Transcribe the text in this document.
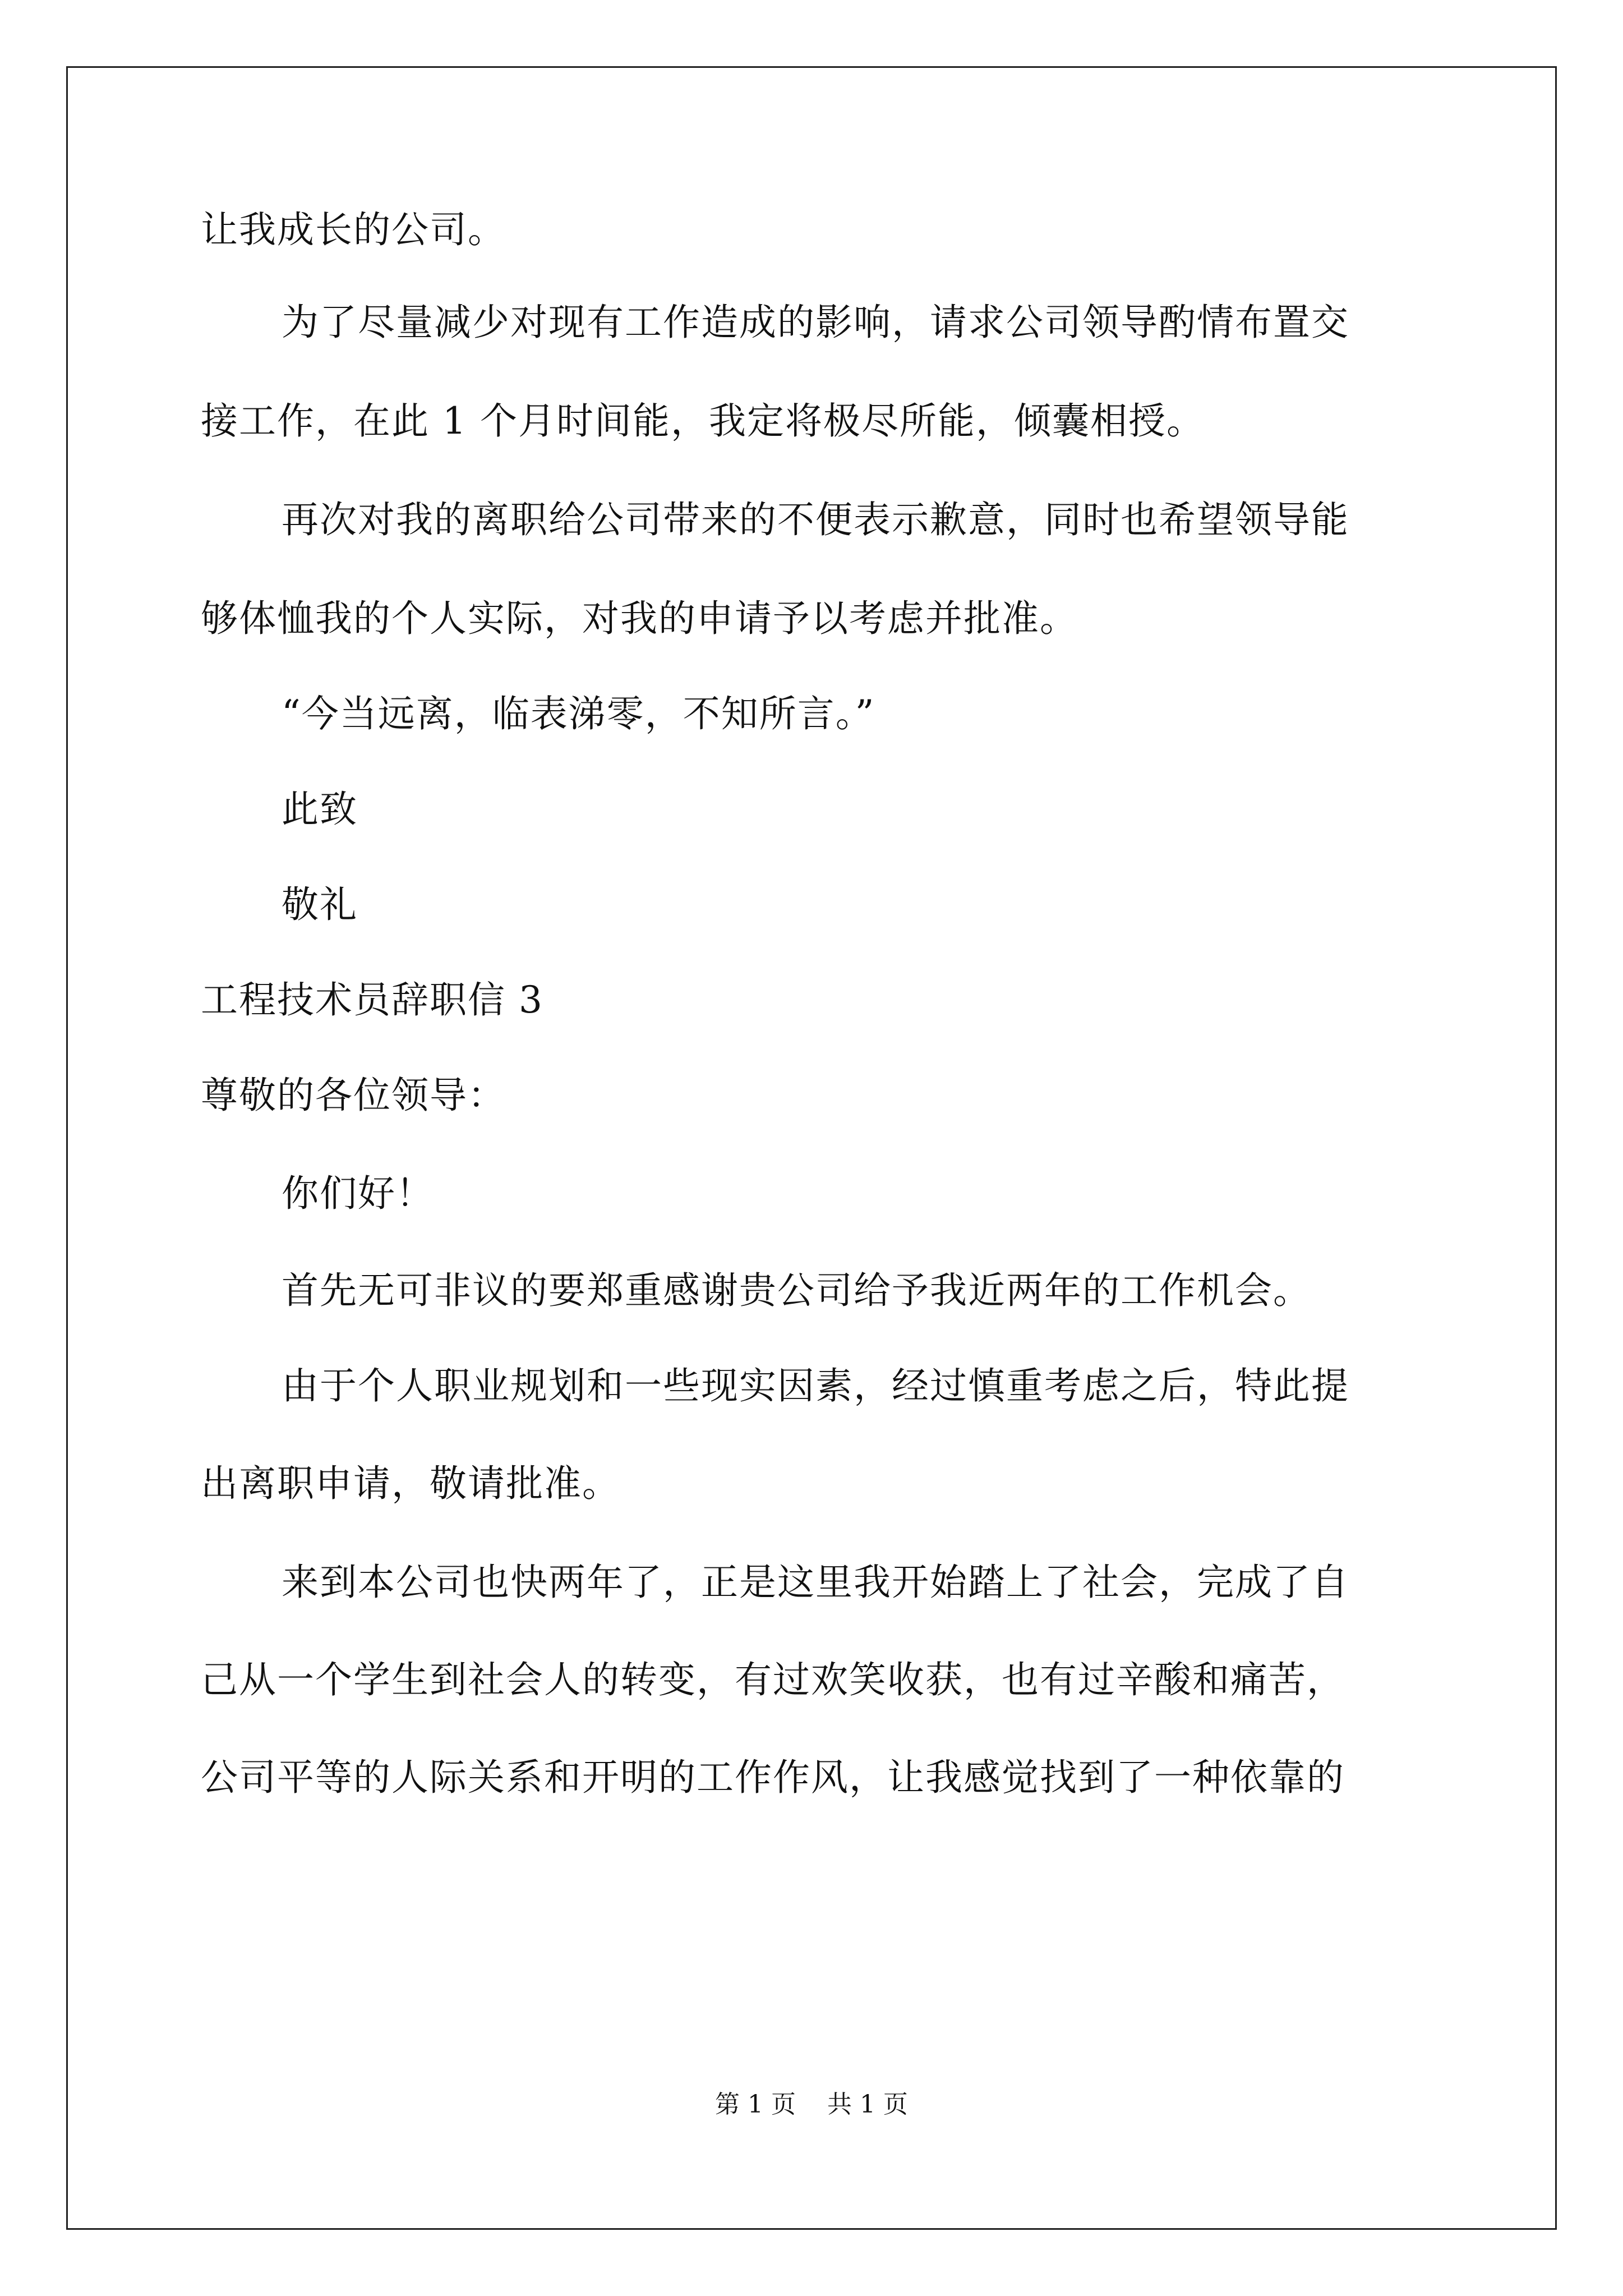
让我成长的公司。
为了尽量减少对现有工作造成的影响，请求公司领导酌情布置交
接工作，在此 1 个月时间能，我定将极尽所能，倾囊相授。
再次对我的离职给公司带来的不便表示歉意，同时也希望领导能
够体恤我的个人实际，对我的申请予以考虑并批准。
“今当远离，临表涕零，不知所言。”
此致
敬礼
工程技术员辞职信 3
尊敬的各位领导：
你们好！
首先无可非议的要郑重感谢贵公司给予我近两年的工作机会。
由于个人职业规划和一些现实因素，经过慎重考虑之后，特此提
出离职申请，敬请批准。
来到本公司也快两年了，正是这里我开始踏上了社会，完成了自
己从一个学生到社会人的转变，有过欢笑收获，也有过辛酸和痛苦，
公司平等的人际关系和开明的工作作风，让我感觉找到了一种依靠的
第 1 页    共 1 页
